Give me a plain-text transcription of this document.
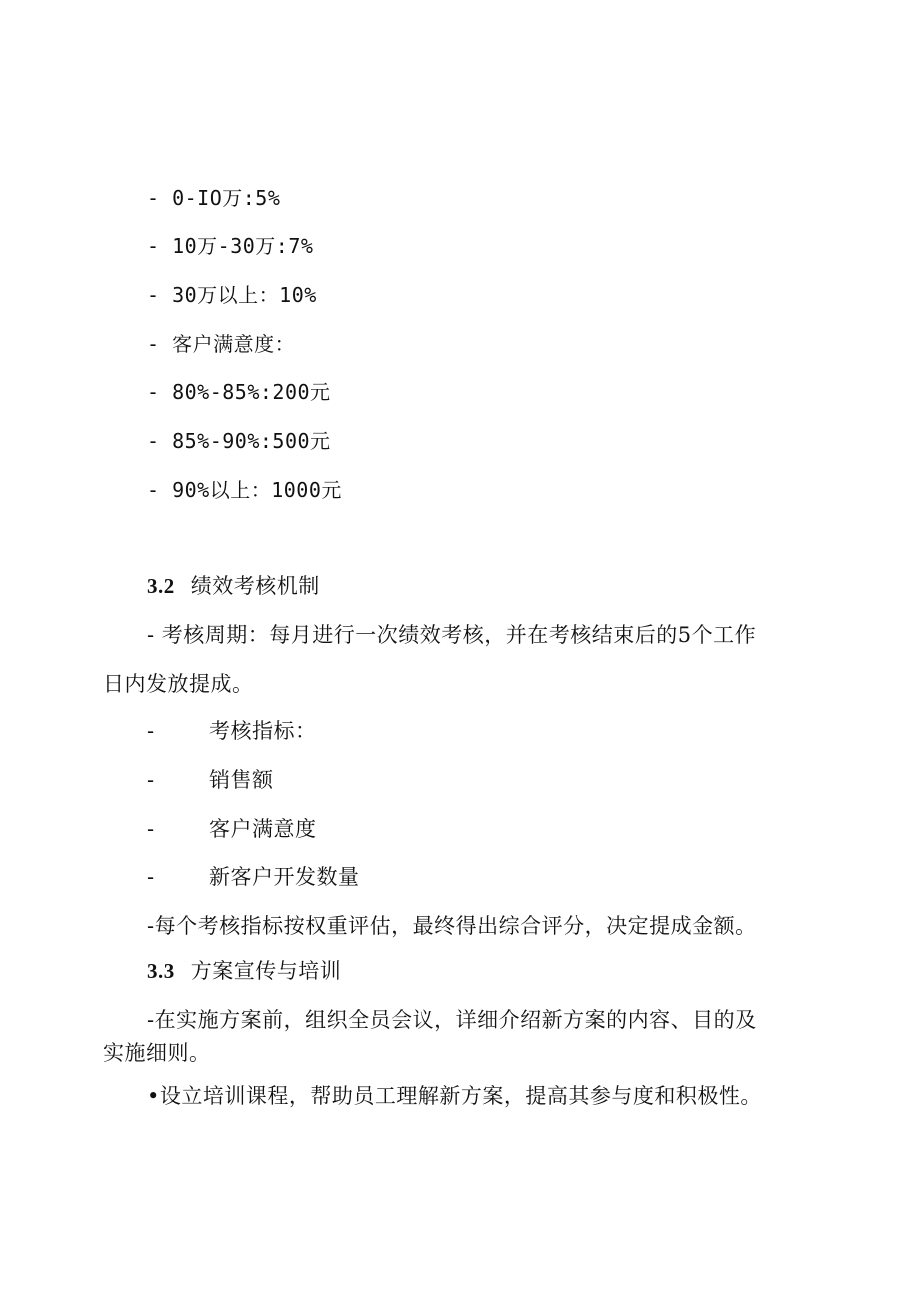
- 0-IO万:5%
- 10万-30万:7%
- 30万以上：10%
- 客户满意度：
- 80%-85%:200元
- 85%-90%:500元
- 90%以上：1000元
3.2 绩效考核机制
- 考核周期：每月进行一次绩效考核，并在考核结束后的5个工作
日内发放提成。
-	考核指标：
-	销售额
-	客户满意度
-	新客户开发数量
-每个考核指标按权重评估，最终得出综合评分，决定提成金额。
3.3 方案宣传与培训
-在实施方案前，组织全员会议，详细介绍新方案的内容、目的及
实施细则。
•设立培训课程，帮助员工理解新方案，提高其参与度和积极性。
